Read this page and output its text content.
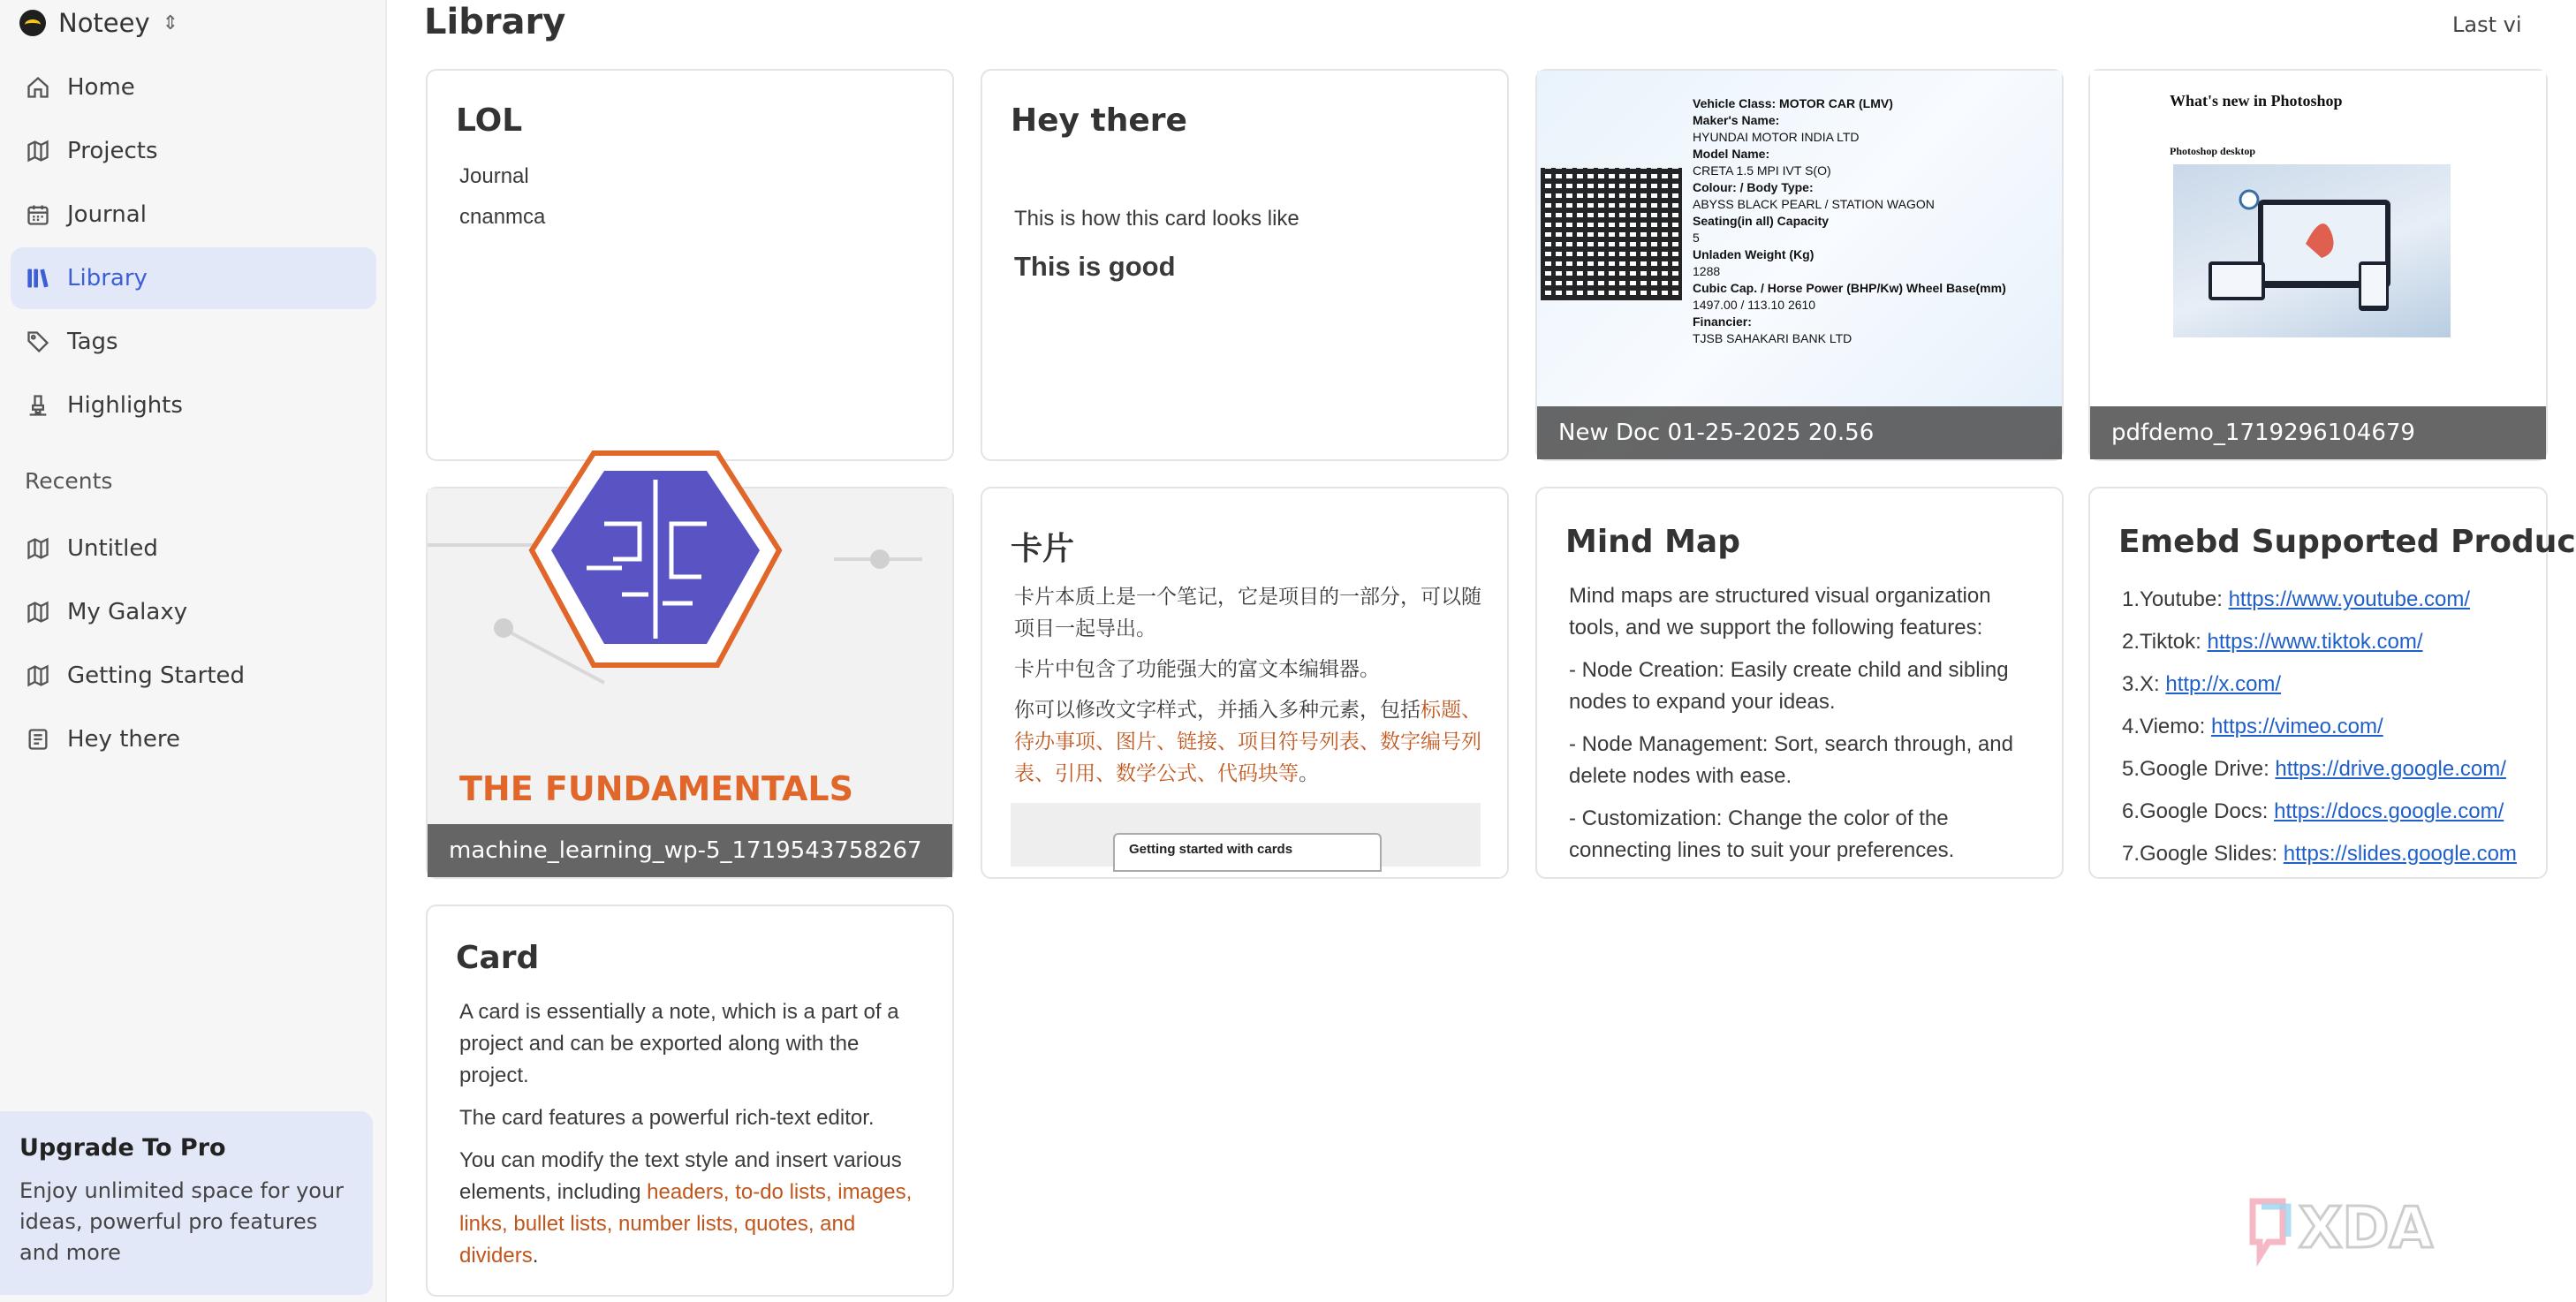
Noteey ⇕
Home
Projects
Journal
Library
Tags
Highlights
Recents
Untitled
My Galaxy
Getting Started
Hey there
Upgrade To Pro

Enjoy unlimited space for your ideas, powerful pro features and more

Library	Last vi
LOL

Journal

cnanmca

Hey there

This is how this card looks like

This is good

Vehicle Class: MOTOR CAR (LMV)
Maker's Name:
HYUNDAI MOTOR INDIA LTD
Model Name:
CRETA 1.5 MPI IVT S(O)
Colour: / Body Type:
ABYSS BLACK PEARL / STATION WAGON
Seating(in all) Capacity
5
Unladen Weight (Kg)
1288
Cubic Cap. / Horse Power (BHP/Kw) Wheel Base(mm)
1497.00 / 113.10 2610
Financier:
TJSB SAHAKARI BANK LTD
New Doc 01-25-2025 20.56
What's new in Photoshop
Photoshop desktop
pdfdemo_1719296104679
THE FUNDAMENTALS
machine_learning_wp-5_1719543758267
卡片

卡片本质上是一个笔记，它是项目的一部分，可以随项目一起导出。

卡片中包含了功能强大的富文本编辑器。

你可以修改文字样式，并插入多种元素，包括标题、待办事项、图片、链接、项目符号列表、数字编号列表、引用、数学公式、代码块等。

Getting started with cards
Mind Map

Mind maps are structured visual organization tools, and we support the following features:

- Node Creation: Easily create child and sibling nodes to expand your ideas.

- Node Management: Sort, search through, and delete nodes with ease.

- Customization: Change the color of the connecting lines to suit your preferences.

Emebd Supported Produc
1.Youtube: https://www.youtube.com/
2.Tiktok: https://www.tiktok.com/
3.X: http://x.com/
4.Viemo: https://vimeo.com/
5.Google Drive: https://drive.google.com/
6.Google Docs: https://docs.google.com/
7.Google Slides: https://slides.google.com
Card

A card is essentially a note, which is a part of a project and can be exported along with the project.

The card features a powerful rich-text editor.

You can modify the text style and insert various elements, including headers, to-do lists, images, links, bullet lists, number lists, quotes, and dividers.	XDA
